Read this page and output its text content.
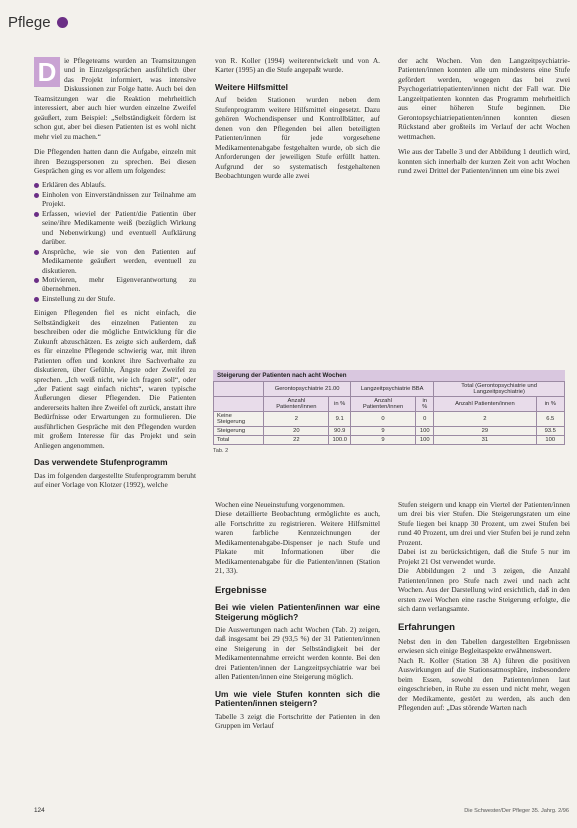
Pflege
D	ie Pflegeteams wurden an Teamsitzungen und in Einzelgesprächen ausführlich über das Projekt informiert, was intensive Diskussionen zur Folge hatte. Auch bei den Teamsitzungen war die Reaktion mehrheitlich interessiert, aber auch hier wurden einzelne Zweifel geäußert, zum Beispiel: „Selbständigkeit fördern ist schon gut, aber bei diesen Patienten ist es wohl nicht mehr viel zu machen.“

Die Pflegenden hatten dann die Aufgabe, einzeln mit ihren Bezugspersonen zu sprechen. Bei diesen Gesprächen ging es vor allem um folgendes:

Erklären des Ablaufs.
Einholen von Einverständnissen zur Teilnahme am Projekt.
Erfassen, wieviel der Patient/die Patientin über seine/ihre Medikamente weiß (bezüglich Wirkung und Nebenwirkung) und eventuell Aufklärung darüber.
Ansprüche, wie sie von den Patienten auf Medikamente geäußert werden, eventuell zu diskutieren.
Motivieren, mehr Eigenverantwortung zu übernehmen.
Einstellung zu der Stufe.

Einigen Pflegenden fiel es nicht einfach, die Selbständigkeit des einzelnen Patienten zu beschreiben oder die mögliche Entwicklung für die Zukunft abzuschätzen. Es zeigte sich außerdem, daß es für einzelne Pflegende schwierig war, mit ihren Patienten offen und konkret ihre Sachverhalte zu diskutieren, über Gefühle, Ängste oder Zweifel zu sprechen. „Ich weiß nicht, wie ich fragen soll“, oder „der Patient sagt einfach nichts“, waren typische Äußerungen dieser Pflegenden. Die Patienten andererseits halten ihre Zweifel oft zurück, anstatt ihre Bedürfnisse oder Erwartungen zu formulieren. Die ausführlichen Gespräche mit den Pflegenden wurden mit großem Interesse für das Projekt und sein Anliegen angenommen.

Das verwendete Stufenprogramm

Das im folgenden dargestellte Stufenprogramm beruht auf einer Vorlage von Klotzer (1992), welche

von R. Koller (1994) weiterentwickelt und von A. Karter (1995) an die Stufe angepaßt wurde.

Weitere Hilfsmittel

Auf beiden Stationen wurden neben dem Stufenprogramm weitere Hilfsmittel eingesetzt. Dazu gehören Wochendispenser und Kontrollblätter, auf denen von den Pflegenden bei allen beteiligten Patienten/innen für jede vorgesehene Medikamentenabgabe festgehalten wurde, ob sich die Anforderungen der jeweiligen Stufe erfüllt hatten. Aufgrund der so systematisch festgehaltenen Beobachtungen wurde alle zwei

der acht Wochen. Von den Langzeitpsychiatrie-Patienten/innen konnten alle um mindestens eine Stufe gefördert werden, wogegen das bei zwei Psychogeriatriepatienten/innen nicht der Fall war. Die Langzeitpatienten konnten das Programm mehrheitlich aus einer höheren Stufe beginnen. Die Gerontopsychiatriepatienten/innen konnten diesen Rückstand aber großteils im Verlauf der acht Wochen wettmachen.

Wie aus der Tabelle 3 und der Abbildung 1 deutlich wird, konnten sich innerhalb der kurzen Zeit von acht Wochen rund zwei Drittel der Patienten/innen um eine bis zwei

Steigerung der Patienten nach acht Wochen
	Gerontopsychiatrie 21.00		Langzeitpsychiatrie BBA		Total (Gerontopsychiatrie und Langzeitpsychiatrie)	
	Anzahl Patienten/innen	in %	Anzahl Patienten/innen	in %	Anzahl Patienten/innen	in %
Keine Steigerung	2	9.1	0	0	2	6.5
Steigerung	20	90.9	9	100	29	93.5
Total	22	100.0	9	100	31	100
Tab. 2

Wochen eine Neueinstufung vorgenommen.

Diese detaillierte Beobachtung ermöglichte es auch, alle Fortschritte zu registrieren. Weitere Hilfsmittel waren farbliche Kennzeichnungen der Medikamentenabgabe-Dispenser je nach Stufe und Plakate mit Informationen über die Medikamentenabgabe für die Patienten/innen (Station 21, 33).

Ergebnisse
Bei wie vielen Patienten/innen war eine Steigerung möglich?

Die Auswertungen nach acht Wochen (Tab. 2) zeigen, daß insgesamt bei 29 (93,5 %) der 31 Patienten/innen eine Steigerung in der Selbständigkeit bei der Medikamentennahme erreicht werden konnte. Bei den drei Patienten/innen der Langzeitpsychiatrie war bei allen Patienten/innen eine Steigerung möglich.

Um wie viele Stufen konnten sich die Patienten/innen steigern?

Tabelle 3 zeigt die Fortschritte der Patienten in den Gruppen im Verlauf

Stufen steigern und knapp ein Viertel der Patienten/innen um drei bis vier Stufen. Die Steigerungsraten um eine Stufe liegen bei knapp 30 Prozent, um zwei Stufen bei rund 40 Prozent, um drei und vier Stufen bei je rund zehn Prozent.

Dabei ist zu berücksichtigen, daß die Stufe 5 nur im Projekt 21 Ost verwendet wurde.

Die Abbildungen 2 und 3 zeigen, die Anzahl Patienten/innen pro Stufe nach zwei und nach acht Wochen. Aus der Darstellung wird ersichtlich, daß in den ersten zwei Wochen eine rasche Steigerung erfolgte, die sich dann verlangsamte.

Erfahrungen

Nebst den in den Tabellen dargestellten Ergebnissen erwiesen sich einige Begleitaspekte erwähnenswert.

Nach R. Koller (Station 38 A) führen die positiven Auswirkungen auf die Stationsatmosphäre, insbesondere beim Essen, sowohl den Patienten/innen laut eingeschrieben, in Ruhe zu essen und nicht mehr, wegen der Medikamente, gestört zu werden, als auch den Pflegenden auf: „Das störende Warten nach

124	Die Schwester/Der Pfleger 35. Jahrg. 2/96
